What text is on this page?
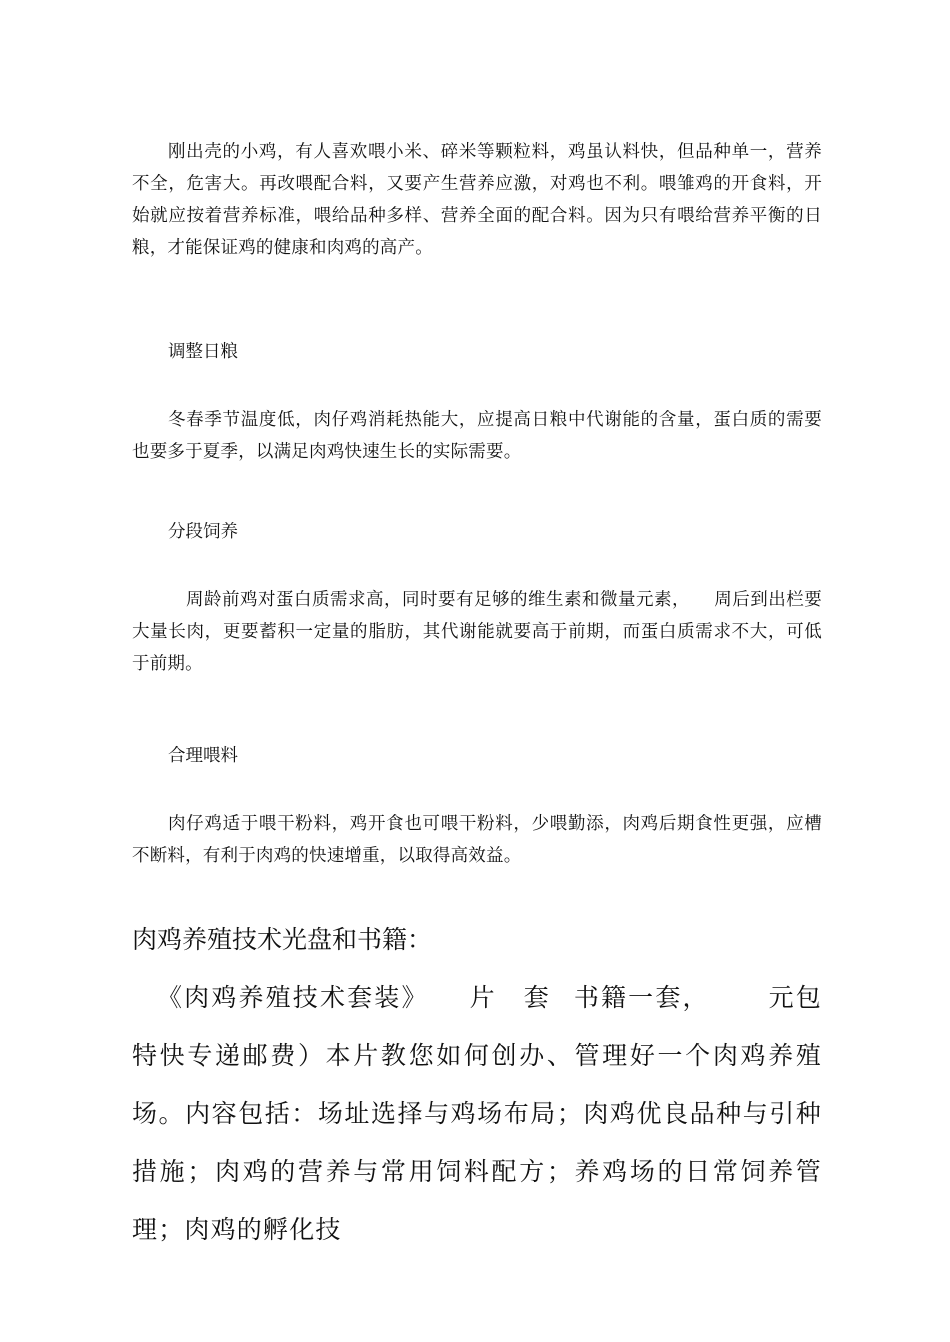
刚出壳的小鸡，有人喜欢喂小米、碎米等颗粒料，鸡虽认料快，但品种单一，营养不全，危害大。再改喂配合料，又要产生营养应激，对鸡也不利。喂雏鸡的开食料，开始就应按着营养标准，喂给品种多样、营养全面的配合料。因为只有喂给营养平衡的日粮，才能保证鸡的健康和肉鸡的高产。

调整日粮

冬春季节温度低，肉仔鸡消耗热能大，应提高日粮中代谢能的含量，蛋白质的需要也要多于夏季，以满足肉鸡快速生长的实际需要。

分段饲养

周龄前鸡对蛋白质需求高，同时要有足够的维生素和微量元素， 周后到出栏要大量长肉，更要蓄积一定量的脂肪，其代谢能就要高于前期，而蛋白质需求不大，可低于前期。

合理喂料

肉仔鸡适于喂干粉料，鸡开食也可喂干粉料，少喂勤添，肉鸡后期食性更强，应槽不断料，有利于肉鸡的快速增重，以取得高效益。

肉鸡养殖技术光盘和书籍：

《肉鸡养殖技术套装》 片 套 书籍一套， 元包特快专递邮费）本片教您如何创办、管理好一个肉鸡养殖场。内容包括：场址选择与鸡场布局；肉鸡优良品种与引种措施；肉鸡的营养与常用饲料配方；养鸡场的日常饲养管理；肉鸡的孵化技
